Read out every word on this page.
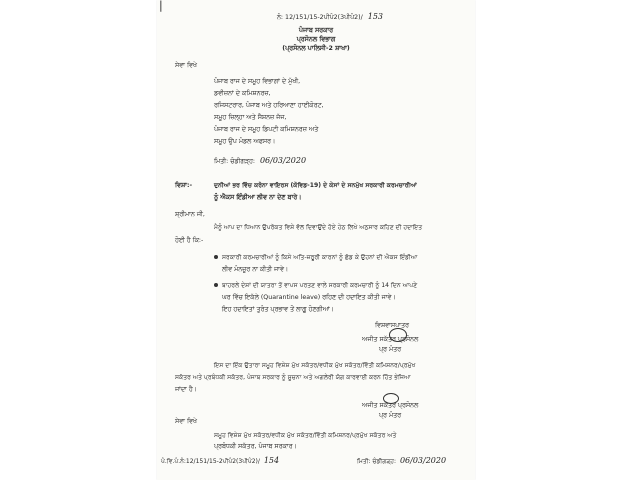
|
ਨੰ: 12/151/15-2ਪੀਪੰ2(3ਪੀਪੰ2)/ 153
ਪੰਜਾਬ ਸਰਕਾਰ
ਪ੍ਰਸੋਨਲ ਵਿਭਾਗ
(ਪ੍ਰਸੋਨਲ ਪਾਲਿਸੀ-2 ਸ਼ਾਖਾ)
ਸੇਵਾ ਵਿਖੇ
ਪੰਜਾਬ ਰਾਜ ਦੇ ਸਮੂਹ ਵਿਭਾਗਾਂ ਦੇ ਮੁੱਖੀ,
ਡਵੀਜ਼ਨਾਂ ਦੇ ਕਮਿਸ਼ਨਰਜ਼,
ਰਜਿਸਟਰਾਰ, ਪੰਜਾਬ ਅਤੇ ਹਰਿਆਣਾ ਹਾਈਕੋਰਟ,
ਸਮੂਹ ਜ਼ਿਲ੍ਹਾ ਅਤੇ ਸੈਸ਼ਨਜ਼ ਜੱਜ,
ਪੰਜਾਬ ਰਾਜ ਦੇ ਸਮੂਹ ਡਿਪਟੀ ਕਮਿਸ਼ਨਰਜ਼ ਅਤੇ
ਸਮੂਹ ਉਪ ਮੰਡਲ ਅਫਸਰ।
ਮਿਤੀ: ਚੰਡੀਗੜ੍ਹ: 06/03/2020
ਵਿਸ਼ਾ:-	ਦੁਨੀਆਂ ਭਰ ਵਿੱਚ ਕਰੋਨਾ ਵਾਇਰਸ (ਕੋਵਿਡ-19) ਦੇ ਕੇਸਾਂ ਦੇ ਸਨਮੁੱਖ ਸਰਕਾਰੀ ਕਰਮਚਾਰੀਆਂ
ਨੂੰ ਐਕਸ ਇੰਡੀਆ ਲੀਵ ਨਾ ਦੇਣ ਬਾਰੇ।
ਸ਼੍ਰੀਮਾਨ ਜੀ,
ਮੈਨੂੰ ਆਪ ਦਾ ਧਿਆਨ ਉਪਰੋਕਤ ਵਿਸ਼ੇ ਵੱਲ ਦਿਵਾਉਂਦੇ ਹੋਏ ਹੇਠ ਲਿਖੇ ਅਨੁਸਾਰ ਕਹਿਣ ਦੀ ਹਦਾਇਤ
ਹੋਈ ਹੈ ਕਿ:-
ਸਰਕਾਰੀ ਕਰਮਚਾਰੀਆਂ ਨੂੰ ਕਿਸੇ ਅਤਿ-ਜ਼ਰੂਰੀ ਕਾਰਨਾਂ ਨੂੰ ਛੱਡ ਕੇ ਉਹਨਾਂ ਦੀ ਐਕਸ ਇੰਡੀਆ
ਲੀਵ ਮੰਨਜੂਰ ਨਾ ਕੀਤੀ ਜਾਵੇ।
ਬਾਹਰਲੇ ਦੇਸ਼ਾਂ ਦੀ ਯਾਤਰਾ ਤੋਂ ਵਾਪਸ ਪਰਤਣ ਵਾਲੇ ਸਰਕਾਰੀ ਕਰਮਚਾਰੀ ਨੂੰ 14 ਦਿਨ ਆਪਣੇ
ਘਰ ਵਿੱਚ ਇਕੱਲੇ (Quarantine leave) ਰਹਿਣ ਦੀ ਹਦਾਇਤ ਕੀਤੀ ਜਾਵੇ।
ਇਹ ਹਦਾਇਤਾਂ ਤੁਰੰਤ ਪ੍ਰਭਾਵ ਤੋਂ ਲਾਗੂ ਹੋਣਗੀਆਂ।
ਵਿਸ਼ਵਾਸਪਾਤਰ
ਅਜੀਤ ਸਕੱਤਰ ਪ੍ਰਸੋਨਲ
ਪ੍ਰ ਮੰਤਰ
ਇਸ ਦਾ ਇੱਕ ਉਤਾਰਾ ਸਮੂਹ ਵਿਸ਼ੇਸ਼ ਮੁੱਖ ਸਕੱਤਰ/ਵਧੀਕ ਮੁੱਖ ਸਕੱਤਰ/ਵਿੱਤੀ ਕਮਿਸ਼ਨਰ/ਪ੍ਰਮੁੱਖ
ਸਕੱਤਰ ਅਤੇ ਪ੍ਰਬੰਧਕੀ ਸਕੱਤਰ, ਪੰਜਾਬ ਸਰਕਾਰ ਨੂੰ ਸੂਚਨਾ ਅਤੇ ਅਗਲੇਰੀ ਯੋਗ ਕਾਰਵਾਈ ਕਰਨ ਹਿੱਤ ਭੇਜਿਆ
ਜਾਂਦਾ ਹੈ।
ਅਜੀਤ ਸਕੱਤਰ ਪ੍ਰਸੋਨਲ
ਪ੍ਰ ਮੰਤਰ
ਸੇਵਾ ਵਿਖੇ
ਸਮੂਹ ਵਿਸ਼ੇਸ਼ ਮੁੱਖ ਸਕੱਤਰ/ਵਧੀਕ ਮੁੱਖ ਸਕੱਤਰ/ਵਿੱਤੀ ਕਮਿਸ਼ਨਰ/ਪ੍ਰਮੁੱਖ ਸਕੱਤਰ ਅਤੇ
ਪ੍ਰਬੰਧਕੀ ਸਕੱਤਰ, ਪੰਜਾਬ ਸਰਕਾਰ।
ਪੰ.ਵਿ.ਪੰ.ਨੰ:12/151/15-2ਪੀਪੰ2(3ਪੀਪੰ2)/ 154	ਮਿਤੀ: ਚੰਡੀਗੜ੍ਹ: 06/03/2020
